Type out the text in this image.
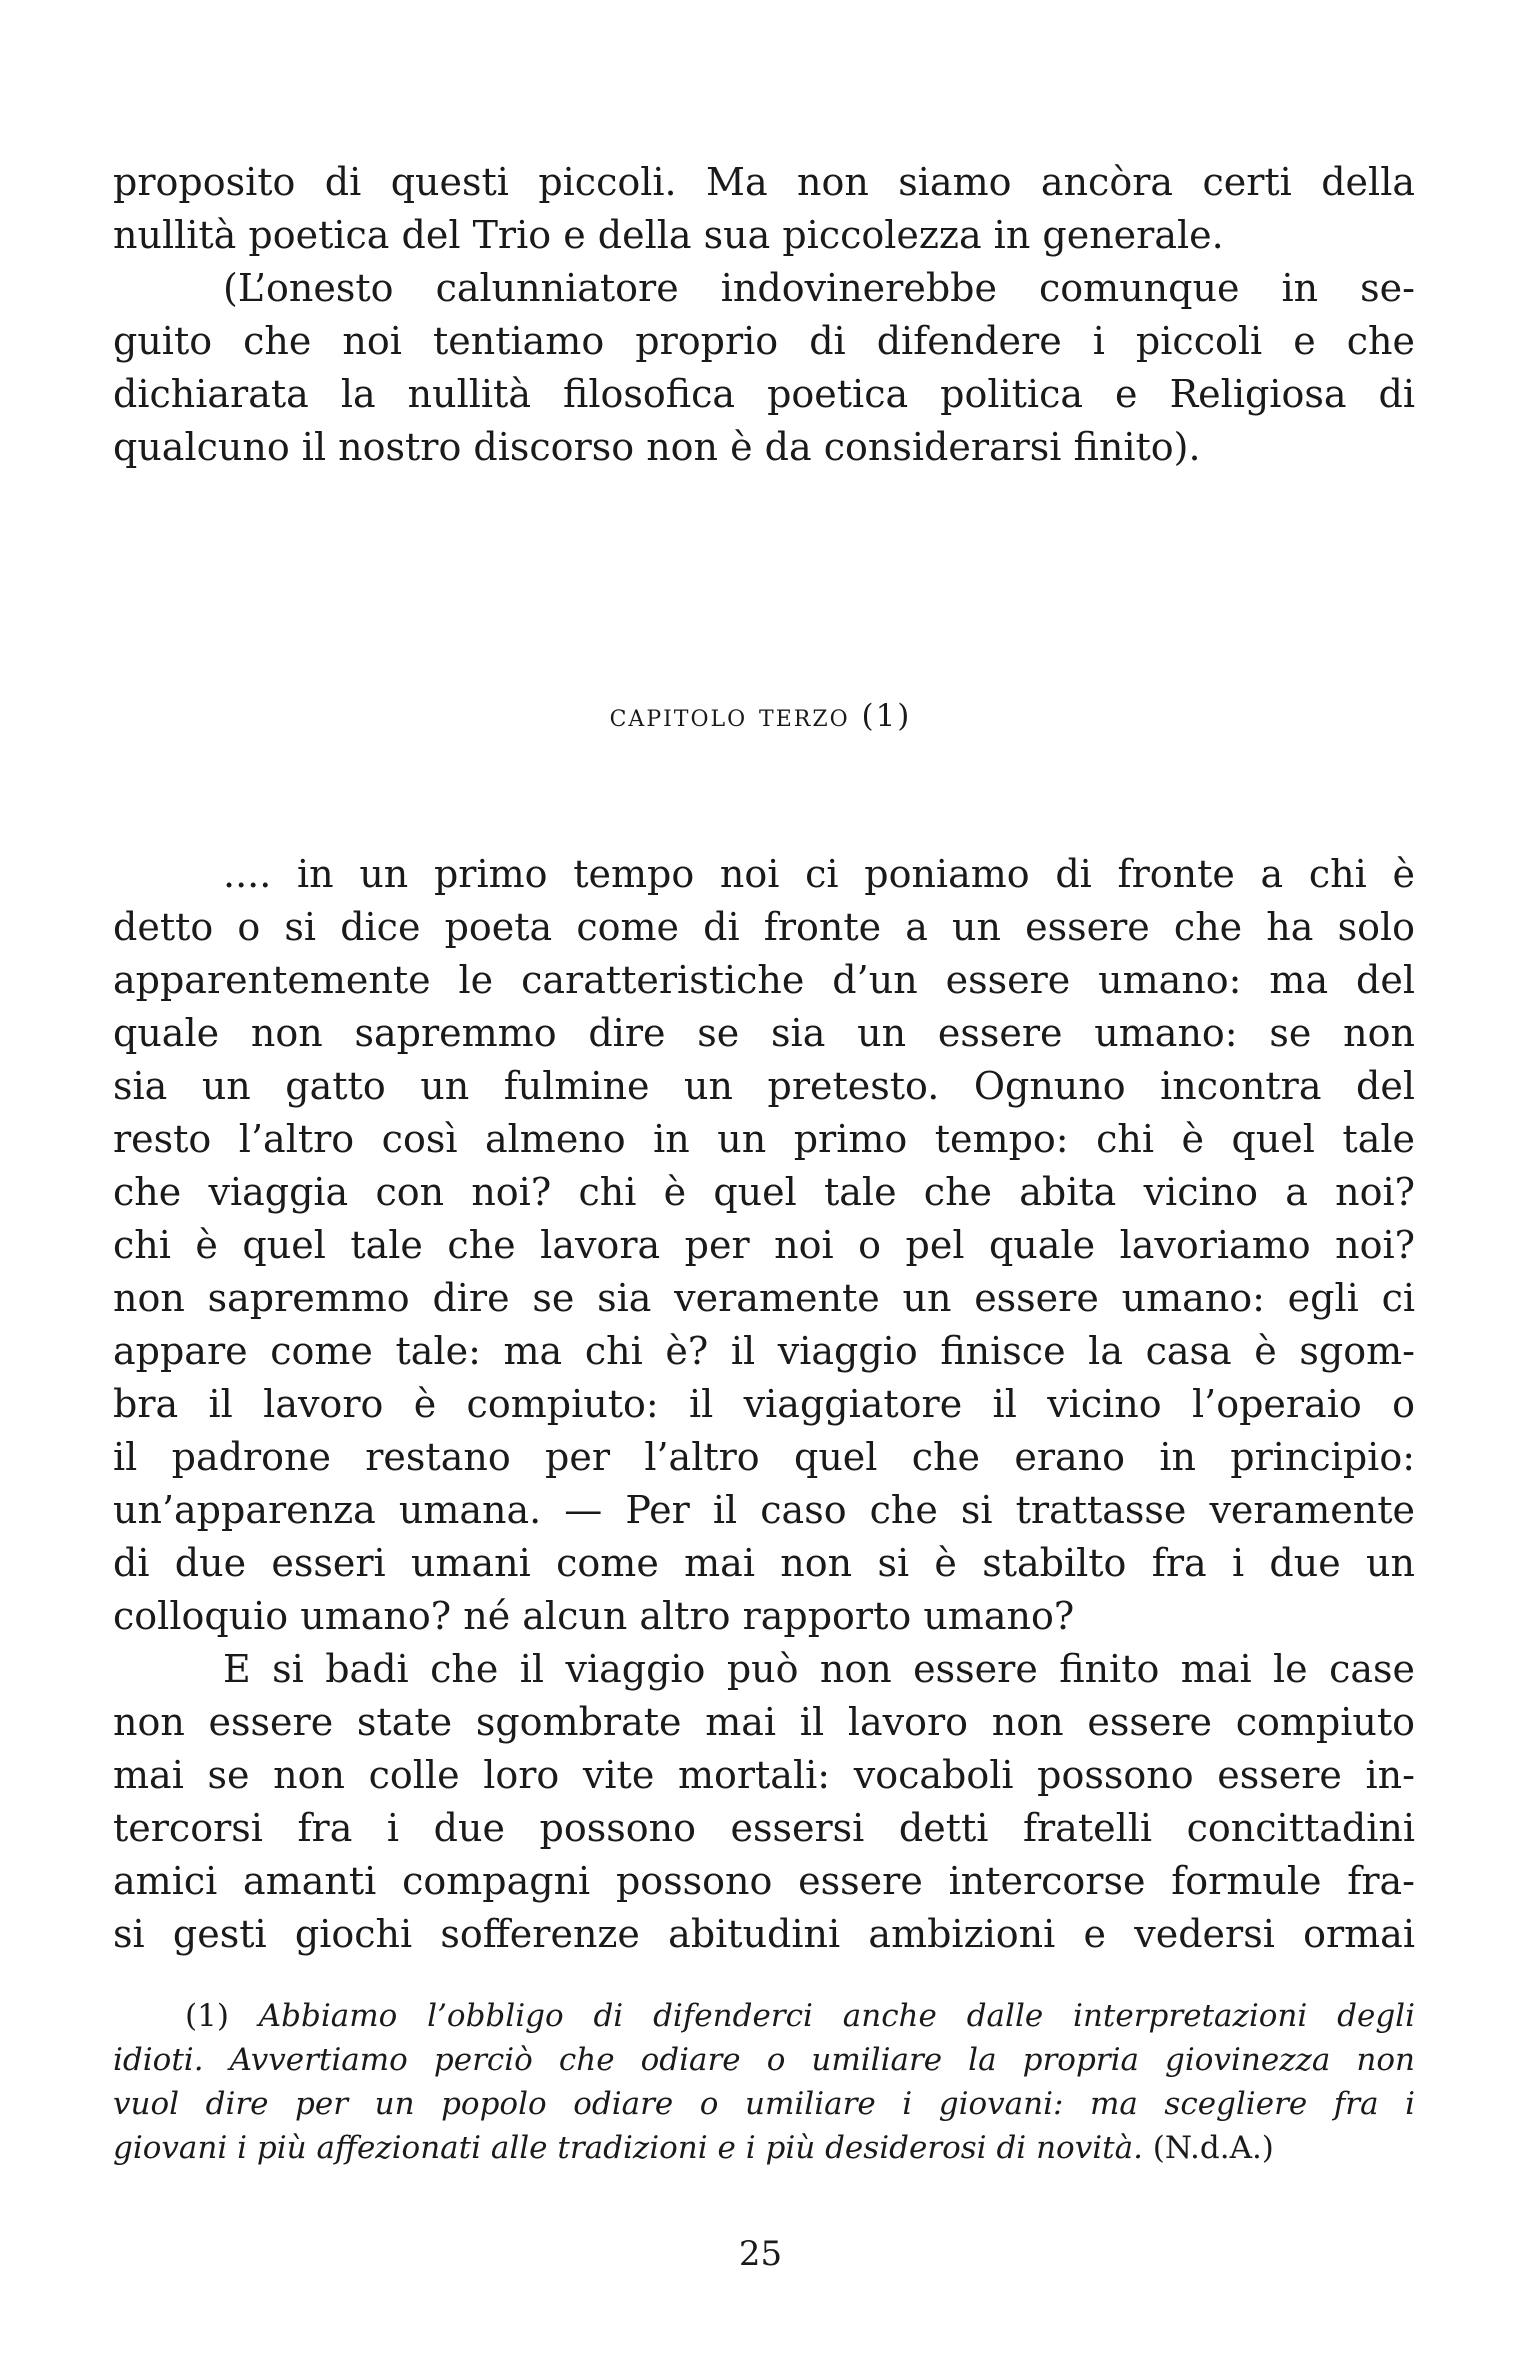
proposito di questi piccoli. Ma non siamo ancòra certi della
nullità poetica del Trio e della sua piccolezza in generale.
(L’onesto calunniatore indovinerebbe comunque in se-
guito che noi tentiamo proprio di difendere i piccoli e che
dichiarata la nullità filosofica poetica politica e Religiosa di
qualcuno il nostro discorso non è da considerarsi finito).
capitolo terzo (1)
.... in un primo tempo noi ci poniamo di fronte a chi è
detto o si dice poeta come di fronte a un essere che ha solo
apparentemente le caratteristiche d’un essere umano: ma del
quale non sapremmo dire se sia un essere umano: se non
sia un gatto un fulmine un pretesto. Ognuno incontra del
resto l’altro così almeno in un primo tempo: chi è quel tale
che viaggia con noi? chi è quel tale che abita vicino a noi?
chi è quel tale che lavora per noi o pel quale lavoriamo noi?
non sapremmo dire se sia veramente un essere umano: egli ci
appare come tale: ma chi è? il viaggio finisce la casa è sgom-
bra il lavoro è compiuto: il viaggiatore il vicino l’operaio o
il padrone restano per l’altro quel che erano in principio:
un’apparenza umana. — Per il caso che si trattasse veramente
di due esseri umani come mai non si è stabilto fra i due un
colloquio umano? né alcun altro rapporto umano?
E si badi che il viaggio può non essere finito mai le case
non essere state sgombrate mai il lavoro non essere compiuto
mai se non colle loro vite mortali: vocaboli possono essere in-
tercorsi fra i due possono essersi detti fratelli concittadini
amici amanti compagni possono essere intercorse formule fra-
si gesti giochi sofferenze abitudini ambizioni e vedersi ormai
(1) Abbiamo l’obbligo di difenderci anche dalle interpretazioni degli
idioti. Avvertiamo perciò che odiare o umiliare la propria giovinezza non
vuol dire per un popolo odiare o umiliare i giovani: ma scegliere fra i
giovani i più affezionati alle tradizioni e i più desiderosi di novità. (N.d.A.)

25
